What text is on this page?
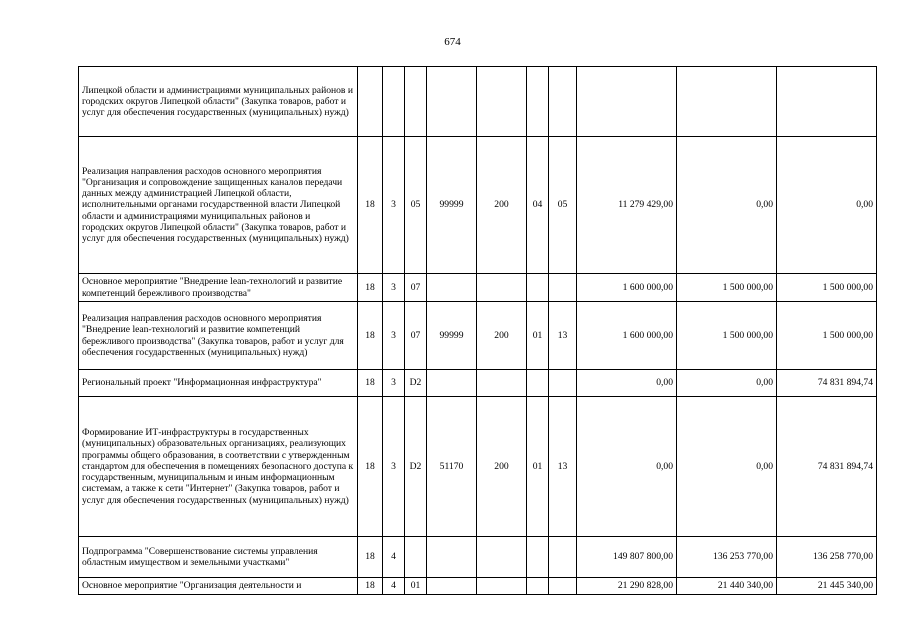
674
Липецкой области и администрациями муниципальных районов и городских округов Липецкой области" (Закупка товаров, работ и услуг для обеспечения государственных (муниципальных) нужд)										
Реализация направления расходов основного мероприятия "Организация и сопровождение защищенных каналов передачи данных между администрацией Липецкой области, исполнительными органами государственной власти Липецкой области и администрациями муниципальных районов и городских округов Липецкой области" (Закупка товаров, работ и услуг для обеспечения государственных (муниципальных) нужд)	18	3	05	99999	200	04	05	11 279 429,00	0,00	0,00
Основное мероприятие "Внедрение lean-технологий и развитие компетенций бережливого производства"	18	3	07					1 600 000,00	1 500 000,00	1 500 000,00
Реализация направления расходов основного мероприятия "Внедрение lean-технологий и развитие компетенций бережливого производства" (Закупка товаров, работ и услуг для обеспечения государственных (муниципальных) нужд)	18	3	07	99999	200	01	13	1 600 000,00	1 500 000,00	1 500 000,00
Региональный проект "Информационная инфраструктура"	18	3	D2					0,00	0,00	74 831 894,74
Формирование ИТ-инфраструктуры в государственных (муниципальных) образовательных организациях, реализующих программы общего образования, в соответствии с утвержденным стандартом для обеспечения в помещениях безопасного доступа к государственным, муниципальным и иным информационным системам, а также к сети "Интернет" (Закупка товаров, работ и услуг для обеспечения государственных (муниципальных) нужд)	18	3	D2	51170	200	01	13	0,00	0,00	74 831 894,74
Подпрограмма "Совершенствование системы управления областным имуществом и земельными участками"	18	4						149 807 800,00	136 253 770,00	136 258 770,00
Основное мероприятие "Организация деятельности и	18	4	01					21 290 828,00	21 440 340,00	21 445 340,00
